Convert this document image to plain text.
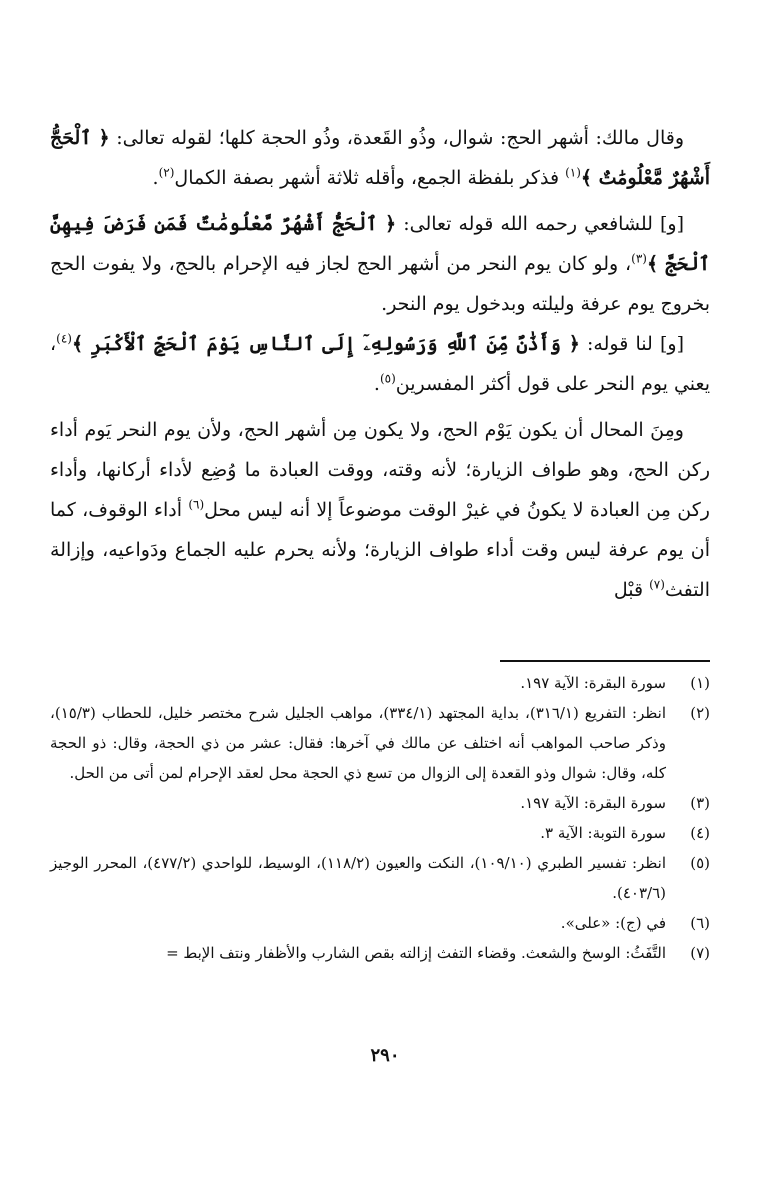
وقال مالك: أشهر الحج: شوال، وذُو القَعدة، وذُو الحجة كلها؛ لقوله تعالى: ﴿ ٱلْحَجُّ أَشْهُرٌ مَّعْلُومَٰتٌ ﴾$^{(١)}$ فذكر بلفظة الجمع، وأقله ثلاثة أشهر بصفة الكمال$^{(٢)}$.

[و] للشافعي رحمه الله قوله تعالى: ﴿ ٱلْحَجُّ أَشْهُرٌ مَّعْلُومَٰتٌ فَمَن فَرَضَ فِيهِنَّ ٱلْحَجَّ ﴾$^{(٣)}$، ولو كان يوم النحر من أشهر الحج لجاز فيه الإحرام بالحج، ولا يفوت الحج بخروج يوم عرفة وليلته وبدخول يوم النحر.

[و] لنا قوله: ﴿ وَأَذَٰنٌ مِّنَ ٱللَّهِ وَرَسُولِهِۦٓ إِلَى ٱلنَّاسِ يَوْمَ ٱلْحَجِّ ٱلْأَكْبَرِ ﴾$^{(٤)}$، يعني يوم النحر على قول أكثر المفسرين$^{(٥)}$.

ومِنَ المحال أن يكون يَوْم الحج، ولا يكون مِن أشهر الحج، ولأن يوم النحر يَوم أداء ركن الحج، وهو طواف الزيارة؛ لأنه وقته، ووقت العبادة ما وُضِع لأداء أركانها، وأداء ركن مِن العبادة لا يكونُ في غيرْ الوقت موضوعاً إلا أنه ليس محل$^{(٦)}$ أداء الوقوف، كما أن يوم عرفة ليس وقت أداء طواف الزيارة؛ ولأنه يحرم عليه الجماع ودَواعيه، وإزالة التفث$^{(٧)}$ قبْل

(١)
سورة البقرة: الآية ١٩٧.
(٢)
انظر: التفريع (٣١٦/١)، بداية المجتهد (٣٣٤/١)، مواهب الجليل شرح مختصر خليل، للحطاب (١٥/٣)، وذكر صاحب المواهب أنه اختلف عن مالك في آخرها: فقال: عشر من ذي الحجة، وقال: ذو الحجة كله، وقال: شوال وذو القعدة إلى الزوال من تسع ذي الحجة محل لعقد الإحرام لمن أتى من الحل.
(٣)
سورة البقرة: الآية ١٩٧.
(٤)
سورة التوبة: الآية ٣.
(٥)
انظر: تفسير الطبري (١٠٩/١٠)، النكت والعيون (١١٨/٢)، الوسيط، للواحدي (٤٧٧/٢)، المحرر الوجيز (٤٠٣/٦).
(٦)
في (ج): «على».
(٧)
التَّفَثُ: الوسخ والشعث. وقضاء التفث إزالته بقص الشارب والأظفار ونتف الإبط =
٢٩٠
